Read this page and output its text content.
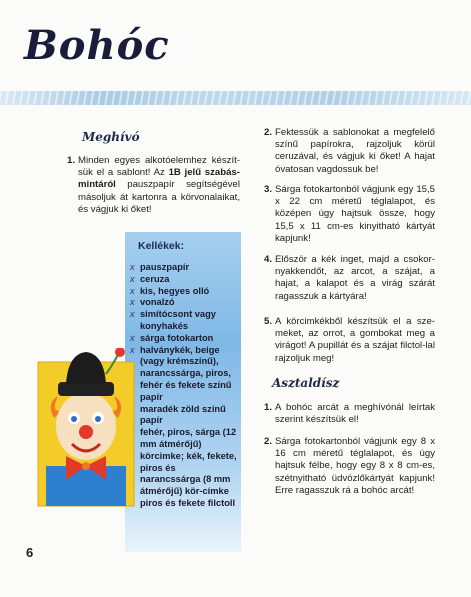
Bohóc
Meghívó
1. Minden egyes alkotóelemhez készít-sük el a sablont! Az 1B jelű szabás-mintáról pauszpapír segítségével másoljuk át kartonra a körvonalaikat, és vágjuk ki őket!
Kellékek:
x pauszpapír
x ceruza
x kis, hegyes olló
x vonalzó
x simítócsont vagy konyhakés
x sárga fotokarton
x halványkék, beige (vagy krémszínű), narancssárga, piros, fehér és fekete színű papír
maradék zöld színű papír
fehér, piros, sárga (12 mm átmérőjű) körcimke; kék, fekete, piros és narancssárga (8 mm átmérőjű) kör-címke
piros és fekete filctoll
6
2. Fektessük a sablonokat a megfelelő színű papírokra, rajzoljuk körül ceruzával, és vágjuk ki őket! A hajat óvatosan vagdossuk be!
3. Sárga fotokartonból vágjunk egy 15,5 x 22 cm méretű téglalapot, és középen úgy hajtsuk össze, hogy 15,5 x 11 cm-es kinyitható kártyát kapjunk!
4. Először a kék inget, majd a csokor-nyakkendőt, az arcot, a szájat, a hajat, a kalapot és a virág szárát ragasszuk a kártyára!
5. A körcimkékből készítsük el a sze-meket, az orrot, a gombokat meg a virágot! A pupillát és a szájat filctol-lal rajzoljuk meg!
Asztaldísz
1. A bohóc arcát a meghívónál leírtak szerint készítsük el!
2. Sárga fotokartonból vágjunk egy 8 x 16 cm méretű téglalapot, és úgy hajtsuk félbe, hogy egy 8 x 8 cm-es, szétnyitható üdvözlőkártyát kapjunk! Erre ragasszuk rá a bohóc arcát!
